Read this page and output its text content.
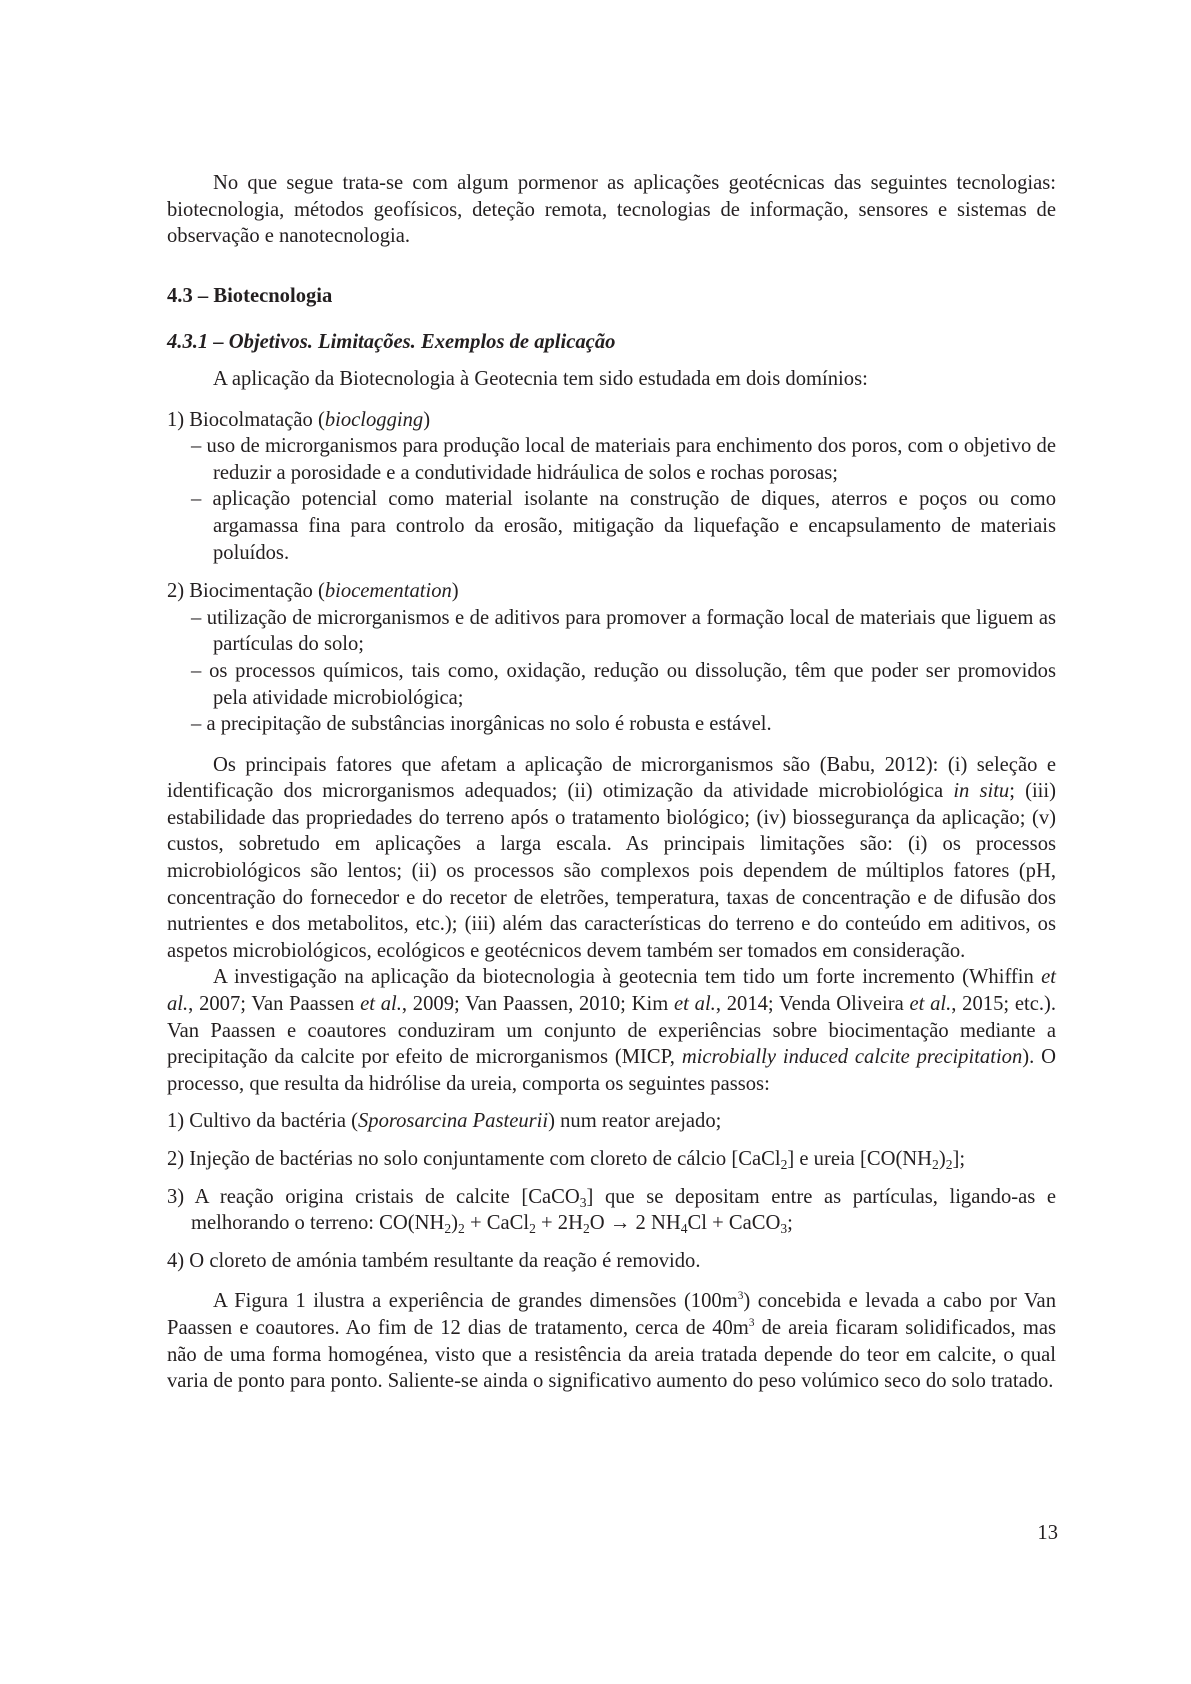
No que segue trata-se com algum pormenor as aplicações geotécnicas das seguintes tecnologias: biotecnologia, métodos geofísicos, deteção remota, tecnologias de informação, sensores e sistemas de observação e nanotecnologia.

4.3 – Biotecnologia

4.3.1 – Objetivos. Limitações. Exemplos de aplicação

A aplicação da Biotecnologia à Geotecnia tem sido estudada em dois domínios:

1) Biocolmatação (bioclogging)

– uso de microrganismos para produção local de materiais para enchimento dos poros, com o objetivo de reduzir a porosidade e a condutividade hidráulica de solos e rochas porosas;

– aplicação potencial como material isolante na construção de diques, aterros e poços ou como argamassa fina para controlo da erosão, mitigação da liquefação e encapsulamento de materiais poluídos.

2) Biocimentação (biocementation)

– utilização de microrganismos e de aditivos para promover a formação local de materiais que liguem as partículas do solo;

– os processos químicos, tais como, oxidação, redução ou dissolução, têm que poder ser promovidos pela atividade microbiológica;

– a precipitação de substâncias inorgânicas no solo é robusta e estável.

Os principais fatores que afetam a aplicação de microrganismos são (Babu, 2012): (i) seleção e identificação dos microrganismos adequados; (ii) otimização da atividade microbiológica in situ; (iii) estabilidade das propriedades do terreno após o tratamento biológico; (iv) biossegurança da aplicação; (v) custos, sobretudo em aplicações a larga escala. As principais limitações são: (i) os processos microbiológicos são lentos; (ii) os processos são complexos pois dependem de múltiplos fatores (pH, concentração do fornecedor e do recetor de eletrões, temperatura, taxas de concentração e de difusão dos nutrientes e dos metabolitos, etc.); (iii) além das características do terreno e do conteúdo em aditivos, os aspetos microbiológicos, ecológicos e geotécnicos devem também ser tomados em consideração.

A investigação na aplicação da biotecnologia à geotecnia tem tido um forte incremento (Whiffin et al., 2007; Van Paassen et al., 2009; Van Paassen, 2010; Kim et al., 2014; Venda Oliveira et al., 2015; etc.). Van Paassen e coautores conduziram um conjunto de experiências sobre biocimentação mediante a precipitação da calcite por efeito de microrganismos (MICP, microbially induced calcite precipitation). O processo, que resulta da hidrólise da ureia, comporta os seguintes passos:

1) Cultivo da bactéria (Sporosarcina Pasteurii) num reator arejado;

2) Injeção de bactérias no solo conjuntamente com cloreto de cálcio [CaCl$_2$] e ureia $[CO(NH_2)_2]$;

3) A reação origina cristais de calcite [CaCO$_3$] que se depositam entre as partículas, ligando-as e melhorando o terreno: $CO(NH_2)_2$ + CaCl$_2$ + $2H_2O \to 2$ $NH_4Cl$ + CaCO$_3$;

4) O cloreto de amónia também resultante da reação é removido.

A Figura 1 ilustra a experiência de grandes dimensões $(100m^3)$ concebida e levada a cabo por Van Paassen e coautores. Ao fim de 12 dias de tratamento, cerca de $40m^3$ de areia ficaram solidificados, mas não de uma forma homogénea, visto que a resistência da areia tratada depende do teor em calcite, o qual varia de ponto para ponto. Saliente-se ainda o significativo aumento do peso volúmico seco do solo tratado.

13
